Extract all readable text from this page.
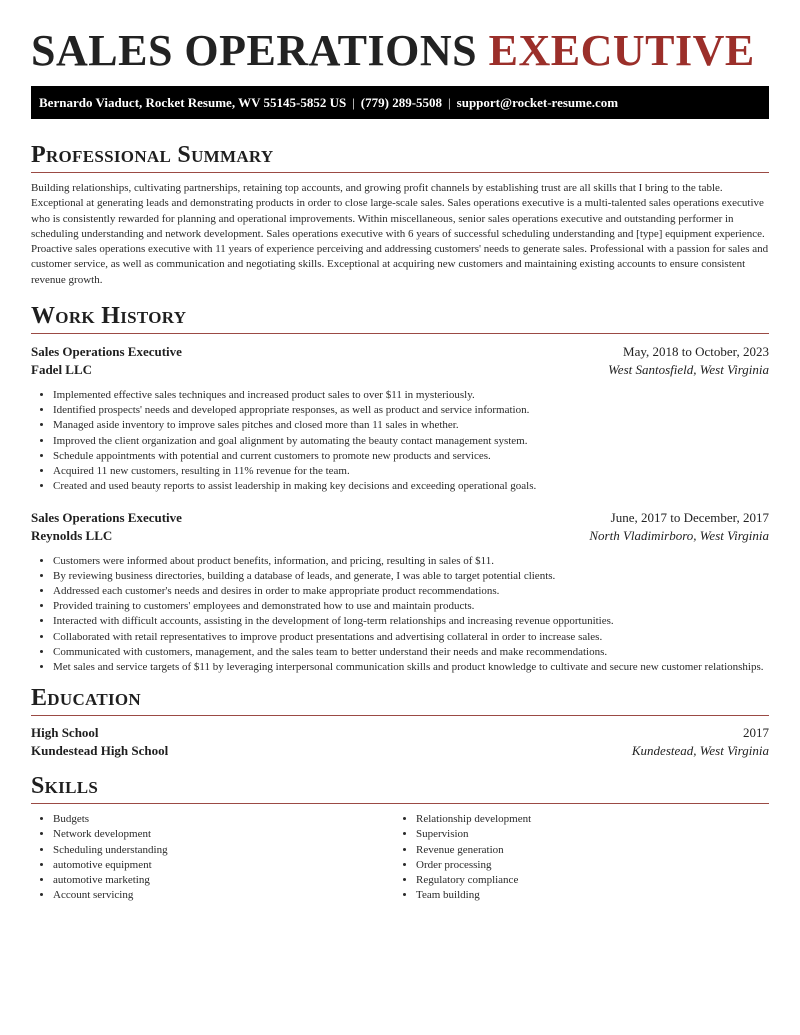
SALES OPERATIONS EXECUTIVE
Bernardo Viaduct, Rocket Resume, WV 55145-5852 US | (779) 289-5508 | support@rocket-resume.com
Professional Summary

Building relationships, cultivating partnerships, retaining top accounts, and growing profit channels by establishing trust are all skills that I bring to the table. Exceptional at generating leads and demonstrating products in order to close large-scale sales. Sales operations executive is a multi-talented sales operations executive who is consistently rewarded for planning and operational improvements. Within miscellaneous, senior sales operations executive and outstanding performer in scheduling understanding and network development. Sales operations executive with 6 years of successful scheduling understanding and [type] equipment experience. Proactive sales operations executive with 11 years of experience perceiving and addressing customers' needs to generate sales. Professional with a passion for sales and customer service, as well as communication and negotiating skills. Exceptional at acquiring new customers and maintaining existing accounts to ensure consistent revenue growth.

Work History
Sales Operations Executive	May, 2018 to October, 2023
Fadel LLC	West Santosfield, West Virginia
• Implemented effective sales techniques and increased product sales to over $11 in mysteriously.
• Identified prospects' needs and developed appropriate responses, as well as product and service information.
• Managed aside inventory to improve sales pitches and closed more than 11 sales in whether.
• Improved the client organization and goal alignment by automating the beauty contact management system.
• Schedule appointments with potential and current customers to promote new products and services.
• Acquired 11 new customers, resulting in 11% revenue for the team.
• Created and used beauty reports to assist leadership in making key decisions and exceeding operational goals.
Sales Operations Executive	June, 2017 to December, 2017
Reynolds LLC	North Vladimirboro, West Virginia
• Customers were informed about product benefits, information, and pricing, resulting in sales of $11.
• By reviewing business directories, building a database of leads, and generate, I was able to target potential clients.
• Addressed each customer's needs and desires in order to make appropriate product recommendations.
• Provided training to customers' employees and demonstrated how to use and maintain products.
• Interacted with difficult accounts, assisting in the development of long-term relationships and increasing revenue opportunities.
• Collaborated with retail representatives to improve product presentations and advertising collateral in order to increase sales.
• Communicated with customers, management, and the sales team to better understand their needs and make recommendations.
• Met sales and service targets of $11 by leveraging interpersonal communication skills and product knowledge to cultivate and secure new customer relationships.
Education
High School	2017
Kundestead High School	Kundestead, West Virginia
Skills
• Budgets
• Network development
• Scheduling understanding
• automotive equipment
• automotive marketing
• Account servicing
• Relationship development
• Supervision
• Revenue generation
• Order processing
• Regulatory compliance
• Team building
